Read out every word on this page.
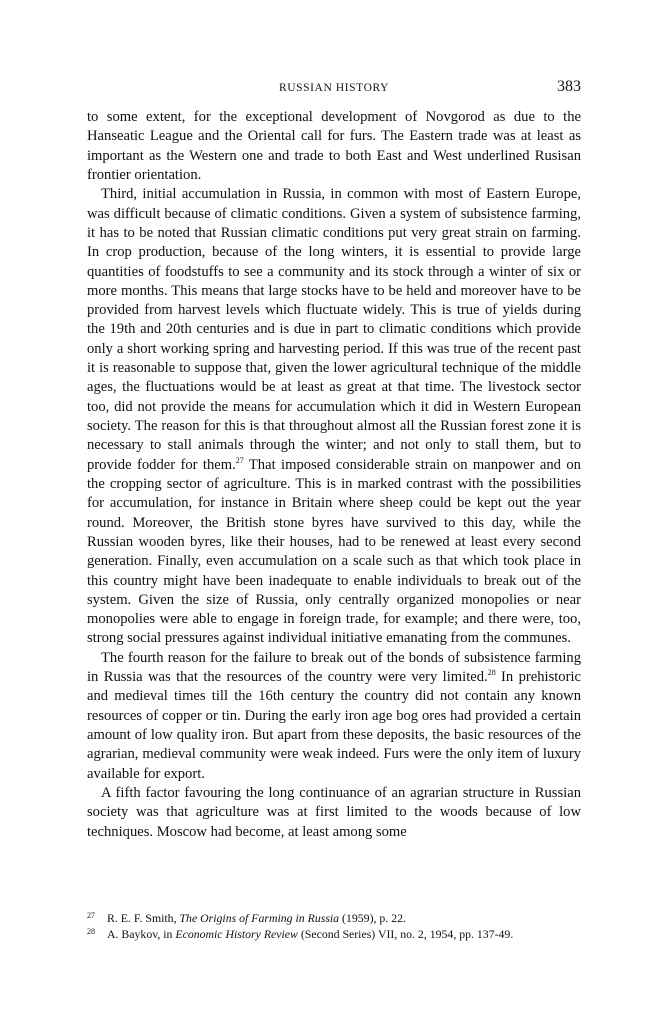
RUSSIAN HISTORY	383

to some extent, for the exceptional development of Novgorod as due to the Hanseatic League and the Oriental call for furs. The Eastern trade was at least as important as the Western one and trade to both East and West underlined Rusisan frontier orientation.

Third, initial accumulation in Russia, in common with most of Eastern Europe, was difficult because of climatic conditions. Given a system of subsistence farming, it has to be noted that Russian climatic conditions put very great strain on farming. In crop production, because of the long winters, it is essential to provide large quantities of foodstuffs to see a community and its stock through a winter of six or more months. This means that large stocks have to be held and moreover have to be provided from harvest levels which fluctuate widely. This is true of yields during the 19th and 20th centuries and is due in part to climatic conditions which provide only a short working spring and harvesting period. If this was true of the recent past it is reasonable to suppose that, given the lower agricultural technique of the middle ages, the fluctuations would be at least as great at that time. The livestock sector too, did not provide the means for accumulation which it did in Western European society. The reason for this is that throughout almost all the Russian forest zone it is necessary to stall animals through the winter; and not only to stall them, but to provide fodder for them.$^{27}$ That imposed considerable strain on manpower and on the cropping sector of agriculture. This is in marked contrast with the possibilities for accumulation, for instance in Britain where sheep could be kept out the year round. Moreover, the British stone byres have survived to this day, while the Russian wooden byres, like their houses, had to be renewed at least every second generation. Finally, even accumulation on a scale such as that which took place in this country might have been inadequate to enable individuals to break out of the system. Given the size of Russia, only centrally organized monopolies or near monopolies were able to engage in foreign trade, for example; and there were, too, strong social pressures against individual initiative emanating from the communes.

The fourth reason for the failure to break out of the bonds of subsistence farming in Russia was that the resources of the country were very limited.$^{28}$ In prehistoric and medieval times till the 16th century the country did not contain any known resources of copper or tin. During the early iron age bog ores had provided a certain amount of low quality iron. But apart from these deposits, the basic resources of the agrarian, medieval community were weak indeed. Furs were the only item of luxury available for export.

A fifth factor favouring the long continuance of an agrarian structure in Russian society was that agriculture was at first limited to the woods because of low techniques. Moscow had become, at least among some

27 R. E. F. Smith, The Origins of Farming in Russia (1959), p. 22.
28 A. Baykov, in Economic History Review (Second Series) VII, no. 2, 1954, pp. 137-49.
